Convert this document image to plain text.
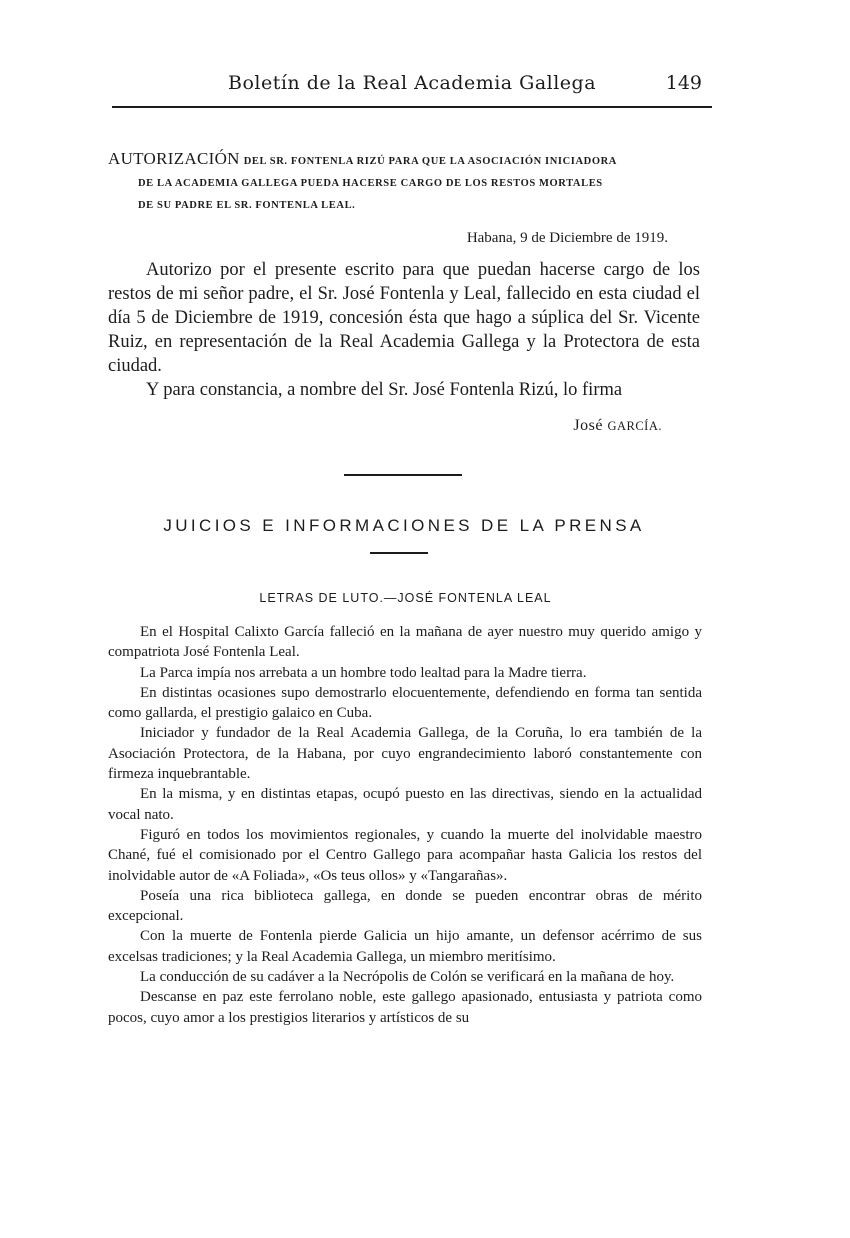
Boletín de la Real Academia Gallega	149
AUTORIZACIÓN DEL SR. FONTENLA RIZÚ PARA QUE LA ASOCIACIÓN INICIADORA
DE LA ACADEMIA GALLEGA PUEDA HACERSE CARGO DE LOS RESTOS MORTALES
DE SU PADRE EL SR. FONTENLA LEAL.
Habana, 9 de Diciembre de 1919.

Autorizo por el presente escrito para que puedan hacerse cargo de los restos de mi señor padre, el Sr. José Fontenla y Leal, fallecido en esta ciudad el día 5 de Diciembre de 1919, concesión ésta que hago a súplica del Sr. Vicente Ruiz, en representación de la Real Academia Gallega y la Protectora de esta ciudad.

Y para constancia, a nombre del Sr. José Fontenla Rizú, lo firma

José GARCÍA.
JUICIOS E INFORMACIONES DE LA PRENSA
LETRAS DE LUTO.—JOSÉ FONTENLA LEAL

En el Hospital Calixto García falleció en la mañana de ayer nuestro muy querido amigo y compatriota José Fontenla Leal.

La Parca impía nos arrebata a un hombre todo lealtad para la Madre tierra.

En distintas ocasiones supo demostrarlo elocuentemente, defendiendo en forma tan sentida como gallarda, el prestigio galaico en Cuba.

Iniciador y fundador de la Real Academia Gallega, de la Coruña, lo era también de la Asociación Protectora, de la Habana, por cuyo engrandecimiento laboró constantemente con firmeza inquebrantable.

En la misma, y en distintas etapas, ocupó puesto en las directivas, siendo en la actualidad vocal nato.

Figuró en todos los movimientos regionales, y cuando la muerte del inolvidable maestro Chané, fué el comisionado por el Centro Gallego para acompañar hasta Galicia los restos del inolvidable autor de «A Foliada», «Os teus ollos» y «Tangarañas».

Poseía una rica biblioteca gallega, en donde se pueden encontrar obras de mérito excepcional.

Con la muerte de Fontenla pierde Galicia un hijo amante, un defensor acérrimo de sus excelsas tradiciones; y la Real Academia Gallega, un miembro meritísimo.

La conducción de su cadáver a la Necrópolis de Colón se verificará en la mañana de hoy.

Descanse en paz este ferrolano noble, este gallego apasionado, entusiasta y patriota como pocos, cuyo amor a los prestigios literarios y artísticos de su
